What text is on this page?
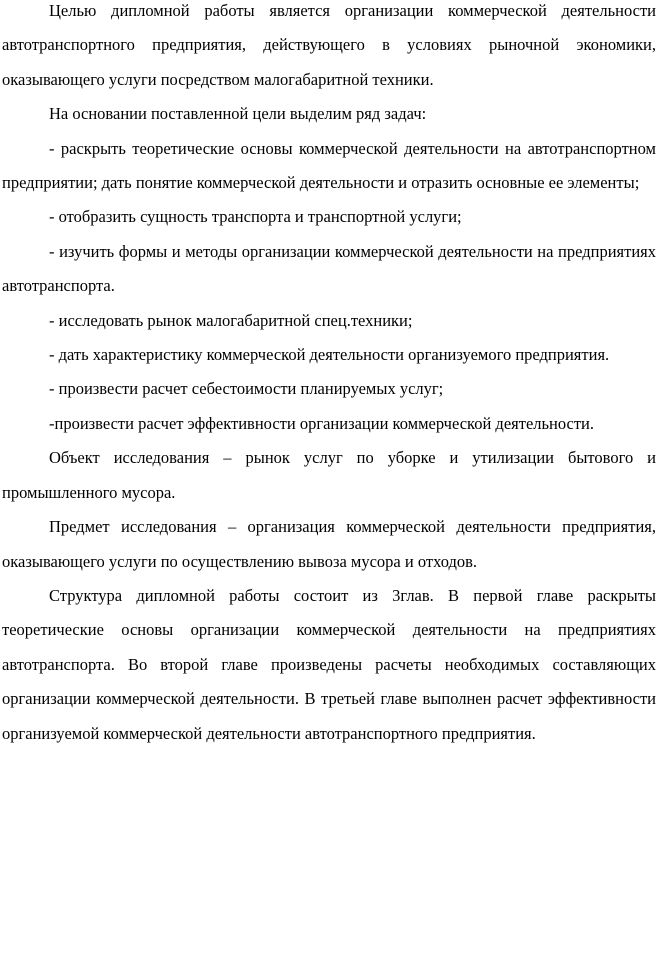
Целью дипломной работы является организации коммерческой деятельности автотранспортного предприятия, действующего в условиях рыночной экономики, оказывающего услуги посредством малогабаритной техники.

На основании поставленной цели выделим ряд задач:

- раскрыть теоретические основы коммерческой деятельности на автотранспортном предприятии; дать понятие коммерческой деятельности и отразить основные ее элементы;

- отобразить сущность транспорта и транспортной услуги;

- изучить формы и методы организации коммерческой деятельности на предприятиях автотранспорта.

- исследовать рынок малогабаритной спец.техники;

- дать характеристику коммерческой деятельности организуемого предприятия.

- произвести расчет себестоимости планируемых услуг;

-произвести расчет эффективности организации коммерческой деятельности.

Объект исследования – рынок услуг по уборке и утилизации бытового и промышленного мусора.

Предмет исследования – организация коммерческой деятельности предприятия, оказывающего услуги по осуществлению вывоза мусора и отходов.

Структура дипломной работы состоит из 3глав. В первой главе раскрыты теоретические основы организации коммерческой деятельности на предприятиях автотранспорта. Во второй главе произведены расчеты необходимых составляющих организации коммерческой деятельности. В третьей главе выполнен расчет эффективности организуемой коммерческой деятельности автотранспортного предприятия.
